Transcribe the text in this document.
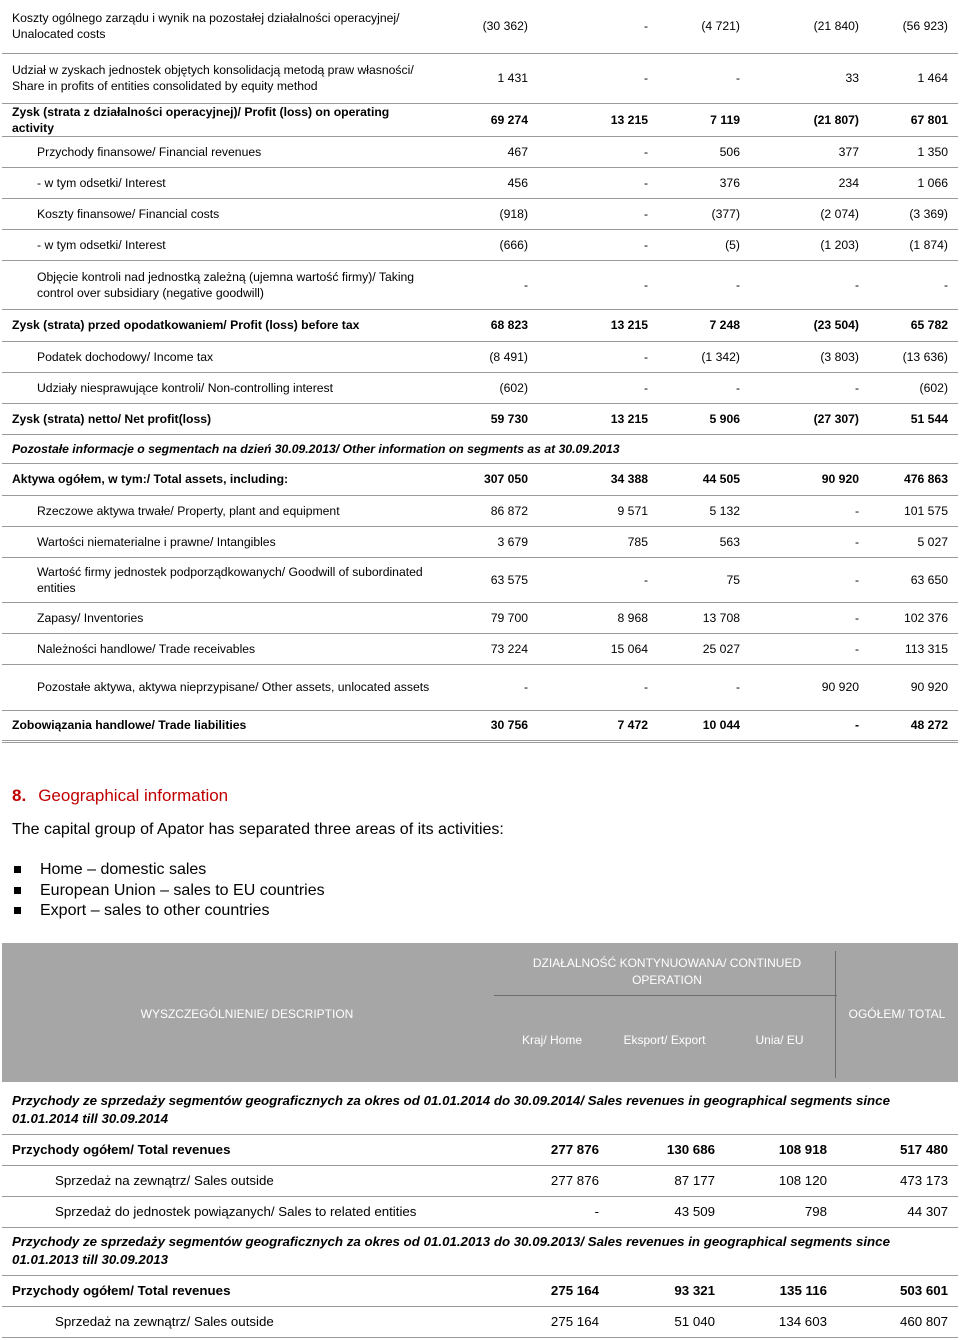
Koszty ogólnego zarządu i wynik na pozostałej działalności operacyjnej/ Unalocated costs	(30 362)	-	(4 721)	(21 840)	(56 923)
Udział w zyskach jednostek objętych konsolidacją metodą praw własności/ Share in profits of entities consolidated by equity method	1 431	-	-	33	1 464
Zysk (strata z działalności operacyjnej)/ Profit (loss) on operating activity	69 274	13 215	7 119	(21 807)	67 801
Przychody finansowe/ Financial revenues	467	-	506	377	1 350
- w tym odsetki/ Interest	456	-	376	234	1 066
Koszty finansowe/ Financial costs	(918)	-	(377)	(2 074)	(3 369)
- w tym odsetki/ Interest	(666)	-	(5)	(1 203)	(1 874)
Objęcie kontroli nad jednostką zależną (ujemna wartość firmy)/ Taking control over subsidiary (negative goodwill)	-	-	-	-	-
Zysk (strata) przed opodatkowaniem/ Profit (loss) before tax	68 823	13 215	7 248	(23 504)	65 782
Podatek dochodowy/ Income tax	(8 491)	-	(1 342)	(3 803)	(13 636)
Udziały niesprawujące kontroli/ Non-controlling interest	(602)	-	-	-	(602)
Zysk (strata) netto/ Net profit(loss)	59 730	13 215	5 906	(27 307)	51 544
Pozostałe informacje o segmentach na dzień 30.09.2013/ Other information on segments as at 30.09.2013					
Aktywa ogółem, w tym:/ Total assets, including:	307 050	34 388	44 505	90 920	476 863
Rzeczowe aktywa trwałe/ Property, plant and equipment	86 872	9 571	5 132	-	101 575
Wartości niematerialne i prawne/ Intangibles	3 679	785	563	-	5 027
Wartość firmy jednostek podporządkowanych/ Goodwill of subordinated entities	63 575	-	75	-	63 650
Zapasy/ Inventories	79 700	8 968	13 708	-	102 376
Należności handlowe/ Trade receivables	73 224	15 064	25 027	-	113 315
Pozostałe aktywa, aktywa nieprzypisane/ Other assets, unlocated assets	-	-	-	90 920	90 920
Zobowiązania handlowe/ Trade liabilities	30 756	7 472	10 044	-	48 272
8. Geographical information
The capital group of Apator has separated three areas of its activities:
Home – domestic sales
European Union – sales to EU countries
Export – sales to other countries
DZIAŁALNOŚĆ KONTYNUOWANA/ CONTINUED OPERATION
WYSZCZEGÓLNIENIE/ DESCRIPTION
Kraj/ Home	Eksport/ Export	Unia/ EU
OGÓŁEM/ TOTAL
Przychody ze sprzedaży segmentów geograficznych za okres od 01.01.2014 do 30.09.2014/ Sales revenues in geographical segments since 01.01.2014 till 30.09.2014				
Przychody ogółem/ Total revenues	277 876	130 686	108 918	517 480
Sprzedaż na zewnątrz/ Sales outside	277 876	87 177	108 120	473 173
Sprzedaż do jednostek powiązanych/ Sales to related entities	-	43 509	798	44 307
Przychody ze sprzedaży segmentów geograficznych za okres od 01.01.2013 do 30.09.2013/ Sales revenues in geographical segments since 01.01.2013 till 30.09.2013				
Przychody ogółem/ Total revenues	275 164	93 321	135 116	503 601
Sprzedaż na zewnątrz/ Sales outside	275 164	51 040	134 603	460 807
